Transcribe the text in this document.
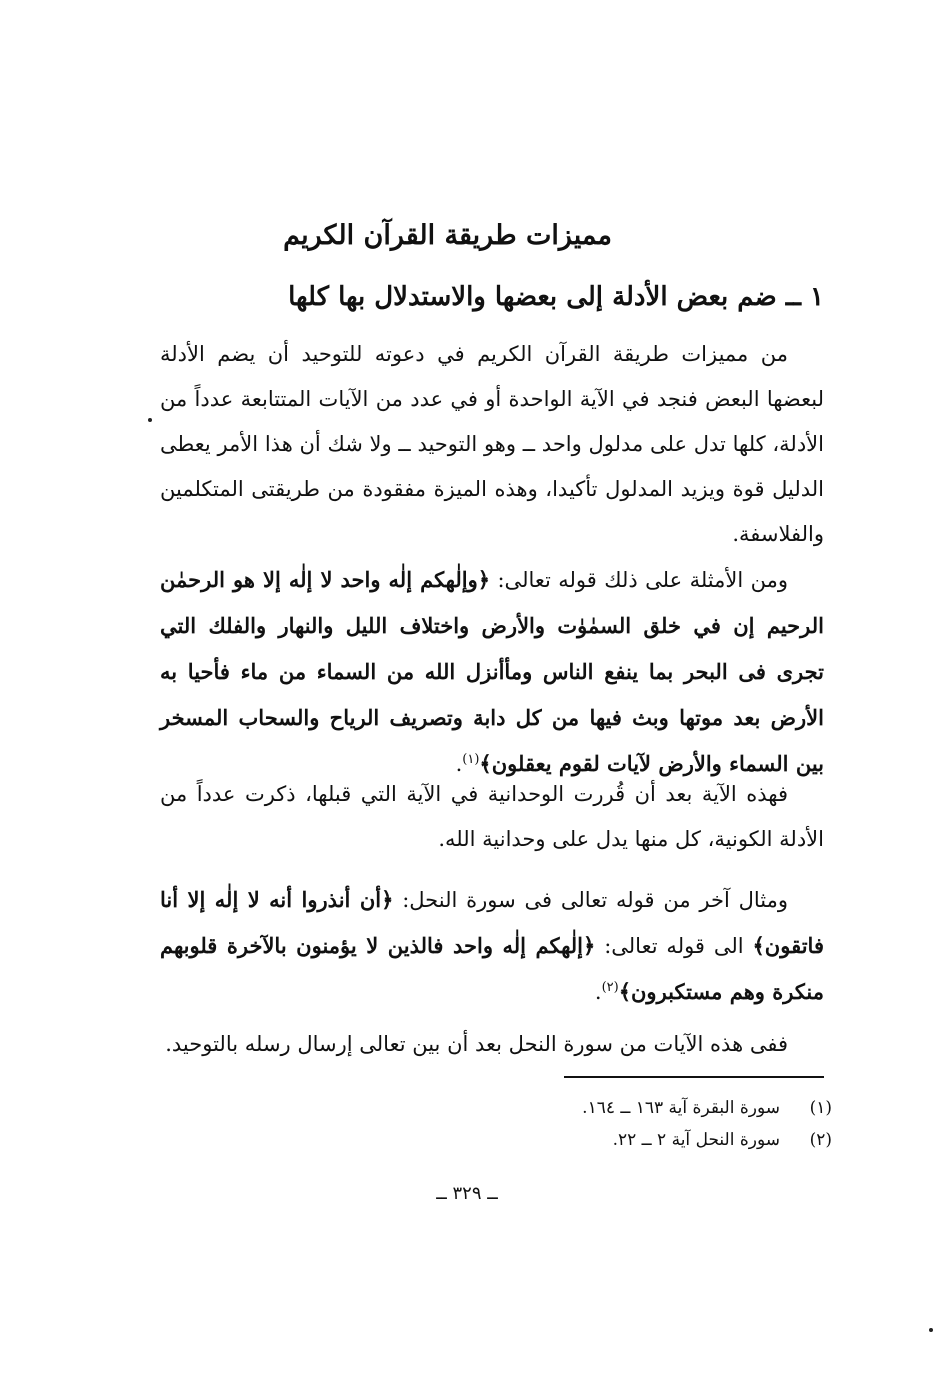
مميزات طريقة القرآن الكريم
١ ــ ضم بعض الأدلة إلى بعضها والاستدلال بها كلها

من مميزات طريقة القرآن الكريم في دعوته للتوحيد أن يضم الأدلة لبعضها البعض فنجد في الآية الواحدة أو في عدد من الآيات المتتابعة عدداً من الأدلة، كلها تدل على مدلول واحد ــ وهو التوحيد ــ ولا شك أن هذا الأمر يعطى الدليل قوة ويزيد المدلول تأكيدا، وهذه الميزة مفقودة من طريقتى المتكلمين والفلاسفة.

ومن الأمثلة على ذلك قوله تعالى: ﴿وإلٰهكم إلٰه واحد لا إلٰه إلا هو الرحمٰن الرحيم إن في خلق السمٰوٰت والأرض واختلاف الليل والنهار والفلك التي تجرى فى البحر بما ينفع الناس ومأأنزل الله من السماء من ماء فأحيا به الأرض بعد موتها وبث فيها من كل دابة وتصريف الرياح والسحاب المسخر بين السماء والأرض لآيات لقوم يعقلون﴾$^{(١)}$.

فهذه الآية بعد أن قُررت الوحدانية في الآية التي قبلها، ذكرت عدداً من الأدلة الكونية، كل منها يدل على وحدانية الله.

ومثال آخر من قوله تعالى فى سورة النحل: ﴿أن أنذروا أنه لا إلٰه إلا أنا فاتقون﴾ الى قوله تعالى: ﴿إلٰهكم إلٰه واحد فالذين لا يؤمنون بالآخرة قلوبهم منكرة وهم مستكبرون﴾$^{(٢)}$.

ففى هذه الآيات من سورة النحل بعد أن بين تعالى إرسال رسله بالتوحيد.

(١)
سورة البقرة آية ١٦٣ ــ ١٦٤.
(٢)
سورة النحل آية ٢ ــ ٢٢.
ــ ٣٢٩ ــ
